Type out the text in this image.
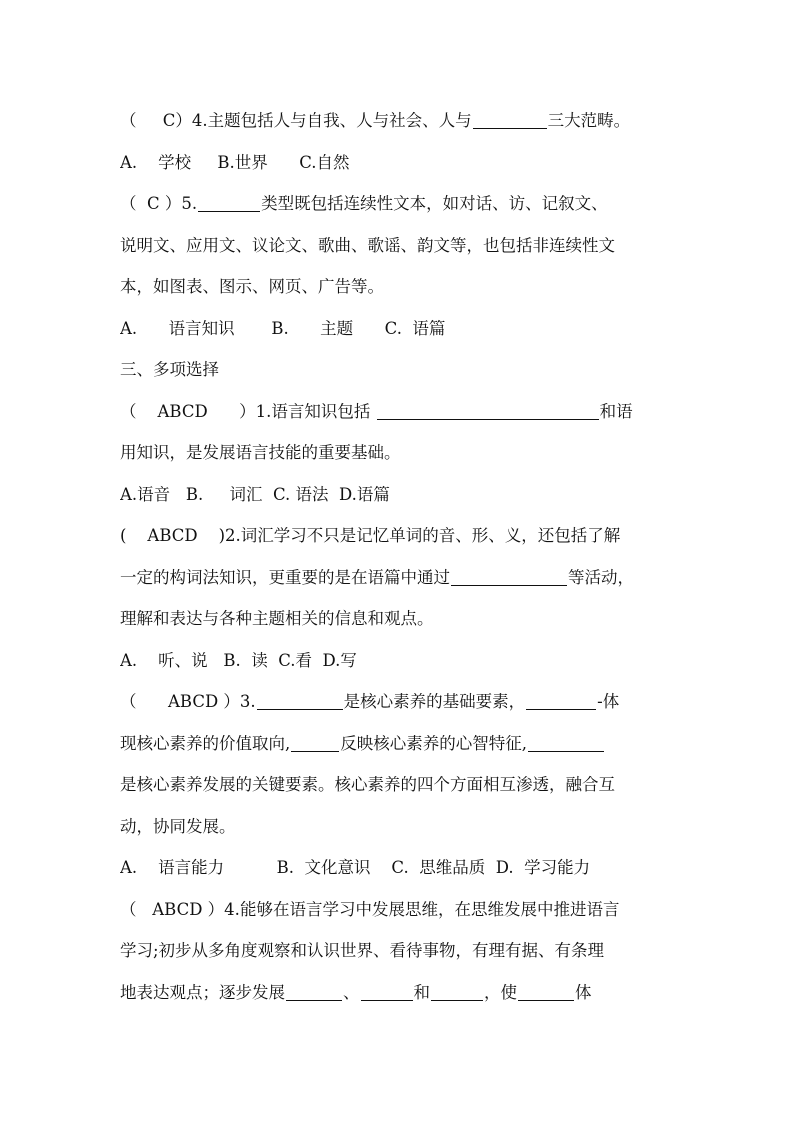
（     C）4.主题包括人与自我、人与社会、人与	三大范畴。
A.    学校     B.世界      C.自然
（  C ）5.	类型既包括连续性文本，如对话、访、记叙文、
说明文、应用文、议论文、歌曲、歌谣、韵文等，也包括非连续性文
本，如图表、图示、网页、广告等。
A.      语言知识       B.      主题      C.  语篇
三、多项选择
（    ABCD      ）1.语言知识包括	和语
用知识，是发展语言技能的重要基础。
A.语音   B.     词汇  C. 语法  D.语篇
(    ABCD    )2.词汇学习不只是记忆单词的音、形、义，还包括了解
一定的构词法知识，更重要的是在语篇中通过	等活动，
理解和表达与各种主题相关的信息和观点。
A.    听、说   B.  读  C.看  D.写
（      ABCD ）3.	是核心素养的基础要素，	-体
现核心素养的价值取向,	反映核心素养的心智特征,
是核心素养发展的关键要素。核心素养的四个方面相互渗透，融合互
动，协同发展。
A.    语言能力          B.  文化意识    C.  思维品质  D.  学习能力
（   ABCD ）4.能够在语言学习中发展思维，在思维发展中推进语言
学习;初步从多角度观察和认识世界、看待事物，有理有据、有条理
地表达观点；逐步发展	、	和	，使	体
